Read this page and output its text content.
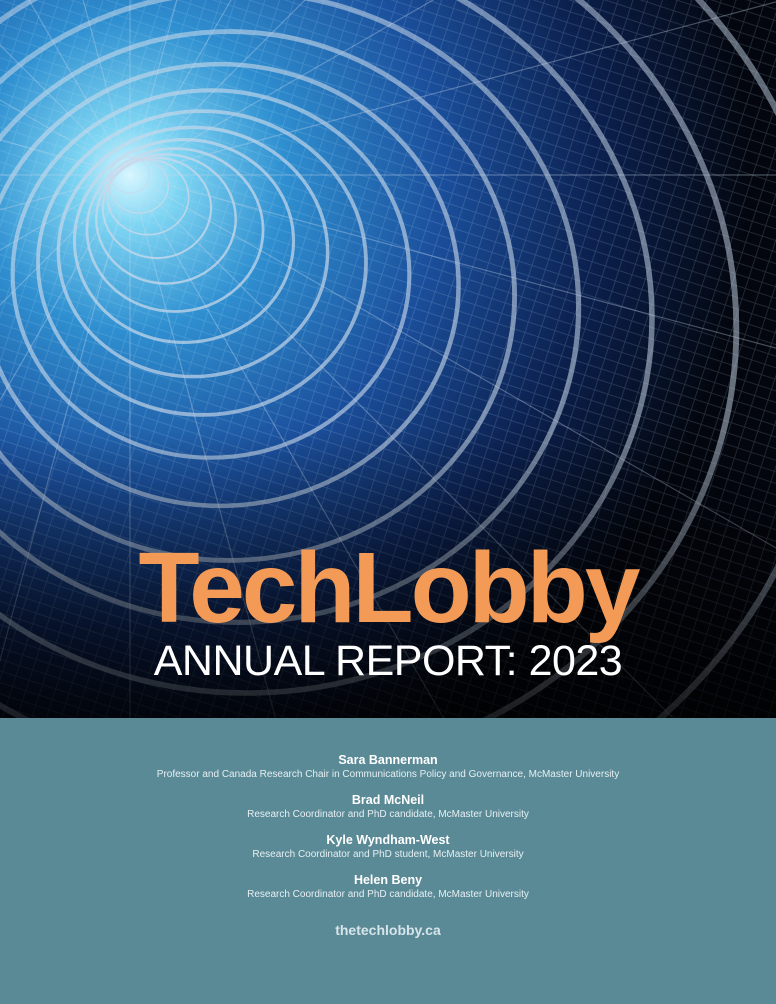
TechLobby
ANNUAL REPORT: 2023
Sara Bannerman
Professor and Canada Research Chair in Communications Policy and Governance, McMaster University
Brad McNeil
Research Coordinator and PhD candidate, McMaster University
Kyle Wyndham-West
Research Coordinator and PhD student, McMaster University
Helen Beny
Research Coordinator and PhD candidate, McMaster University
thetechlobby.ca
